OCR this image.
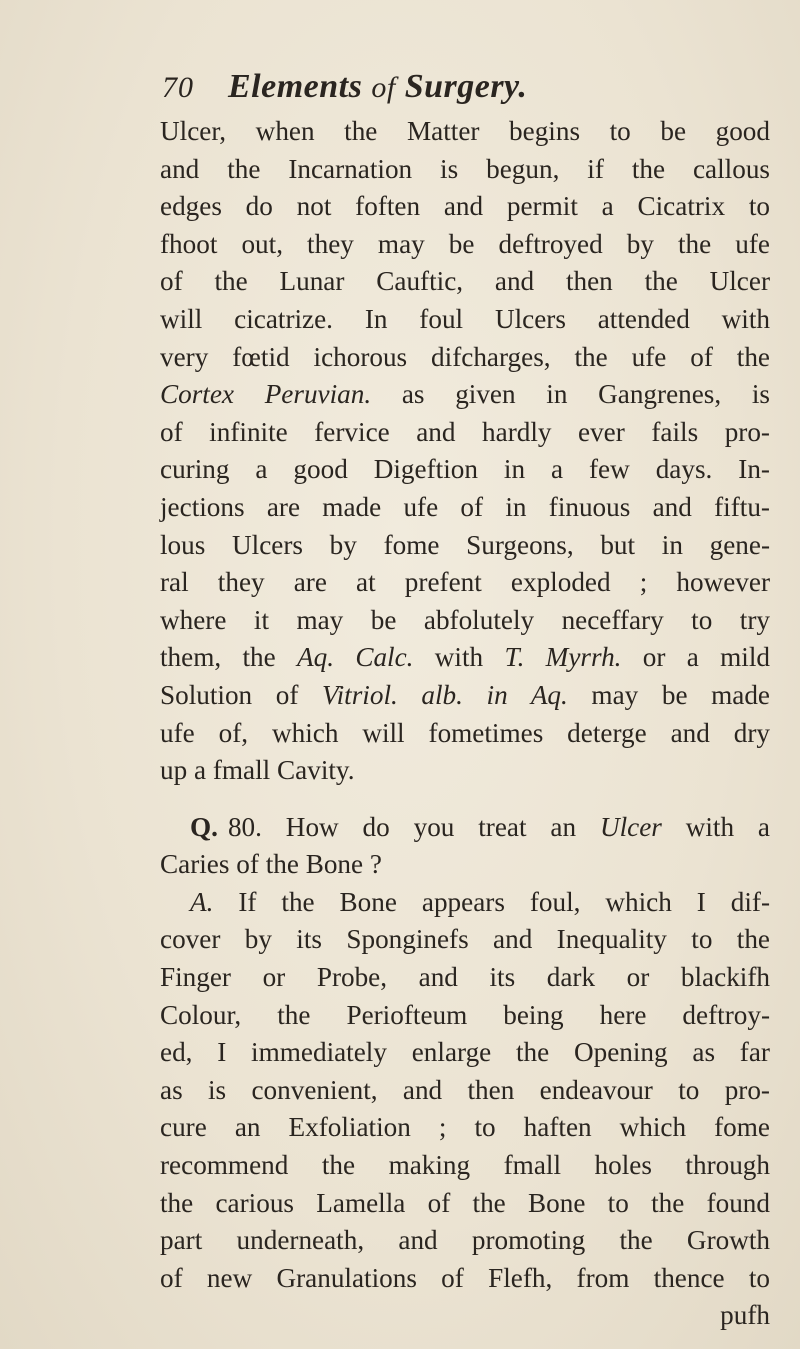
70 Elements of Surgery.
Ulcer, when the Matter begins to be good
and the Incarnation is begun, if the callous
edges do not foften and permit a Cicatrix to
fhoot out, they may be deftroyed by the ufe
of the Lunar Cauftic, and then the Ulcer
will cicatrize. In foul Ulcers attended with
very fœtid ichorous difcharges, the ufe of the
Cortex Peruvian. as given in Gangrenes, is
of infinite fervice and hardly ever fails pro-
curing a good Digeftion in a few days. In-
jections are made ufe of in finuous and fiftu-
lous Ulcers by fome Surgeons, but in gene-
ral they are at prefent exploded ; however
where it may be abfolutely neceffary to try
them, the Aq. Calc. with T. Myrrh. or a mild
Solution of Vitriol. alb. in Aq. may be made
ufe of, which will fometimes deterge and dry
up a fmall Cavity.
Q. 80. How do you treat an Ulcer with a
Caries of the Bone ?
A. If the Bone appears foul, which I dif-
cover by its Sponginefs and Inequality to the
Finger or Probe, and its dark or blackifh
Colour, the Periofteum being here deftroy-
ed, I immediately enlarge the Opening as far
as is convenient, and then endeavour to pro-
cure an Exfoliation ; to haften which fome
recommend the making fmall holes through
the carious Lamella of the Bone to the found
part underneath, and promoting the Growth
of new Granulations of Flefh, from thence to
pufh
